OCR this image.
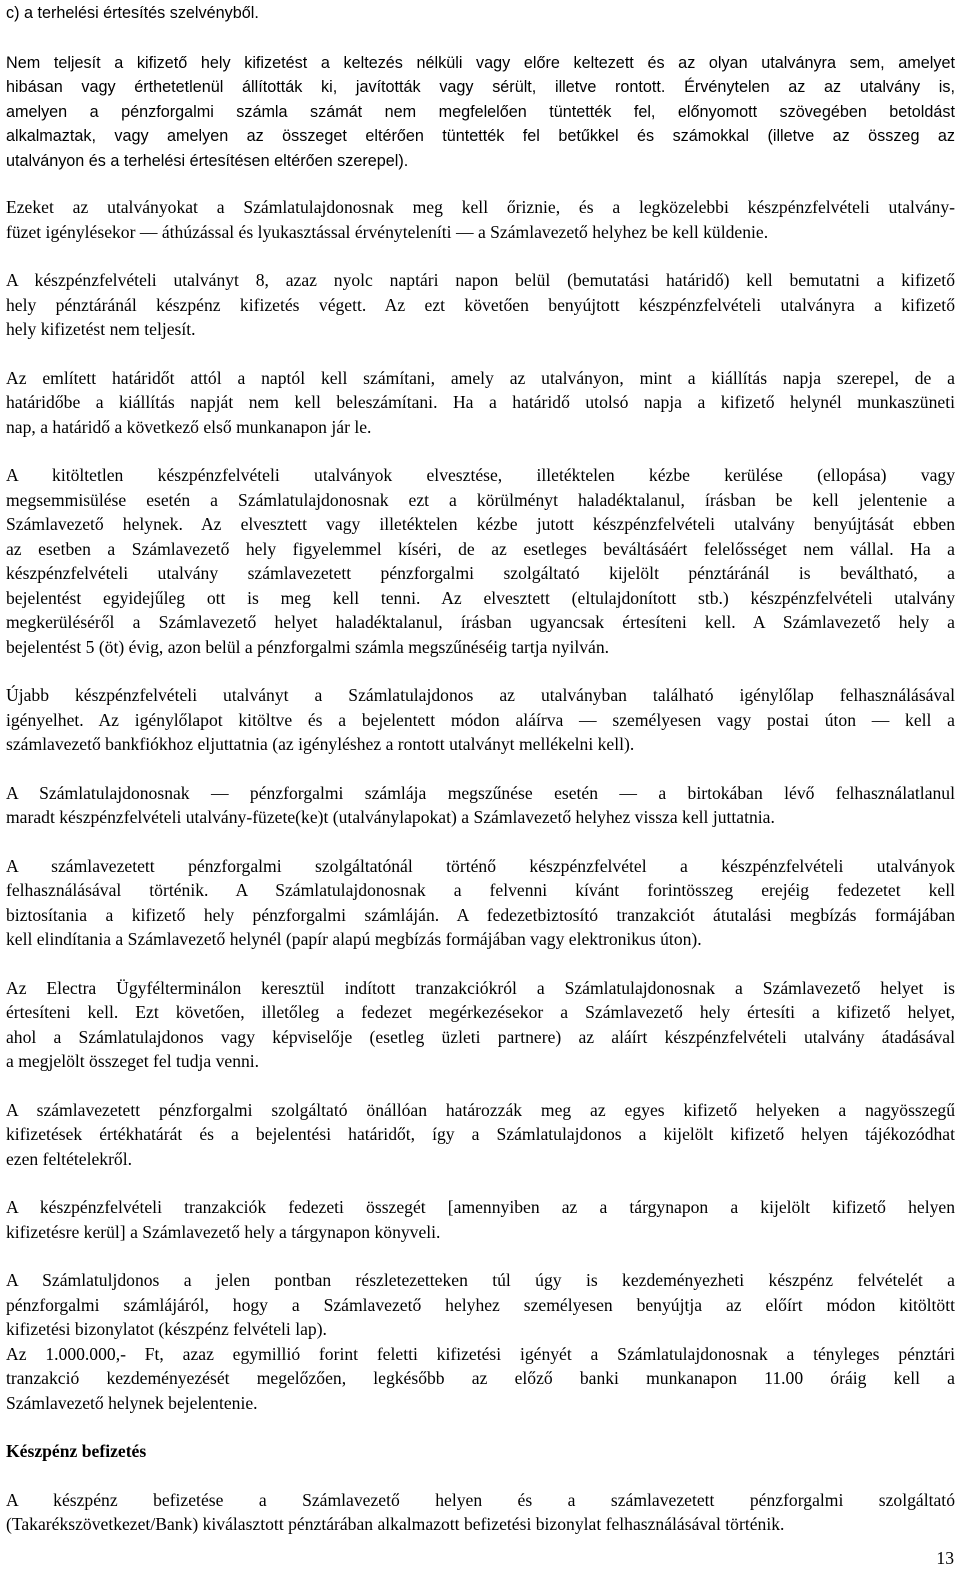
c) a terhelési értesítés szelvényből.
Nem teljesít a kifizető hely kifizetést a keltezés nélküli vagy előre keltezett és az olyan utalványra sem, amelyet
hibásan vagy érthetetlenül állították ki, javították vagy sérült, illetve rontott. Érvénytelen az az utalvány is,
amelyen a pénzforgalmi számla számát nem megfelelően tüntették fel, előnyomott szövegében betoldást
alkalmaztak, vagy amelyen az összeget eltérően tüntették fel betűkkel és számokkal (illetve az összeg az
utalványon és a terhelési értesítésen eltérően szerepel).
Ezeket az utalványokat a Számlatulajdonosnak meg kell őriznie, és a legközelebbi készpénzfelvételi utalvány-
füzet igénylésekor — áthúzással és lyukasztással érvényteleníti — a Számlavezető helyhez be kell küldenie.
A készpénzfelvételi utalványt 8, azaz nyolc naptári napon belül (bemutatási határidő) kell bemutatni a kifizető
hely pénztáránál készpénz kifizetés végett. Az ezt követően benyújtott készpénzfelvételi utalványra a kifizető
hely kifizetést nem teljesít.
Az említett határidőt attól a naptól kell számítani, amely az utalványon, mint a kiállítás napja szerepel, de a
határidőbe a kiállítás napját nem kell beleszámítani. Ha a határidő utolsó napja a kifizető helynél munkaszüneti
nap, a határidő a következő első munkanapon jár le.
A kitöltetlen készpénzfelvételi utalványok elvesztése, illetéktelen kézbe kerülése (ellopása) vagy
megsemmisülése esetén a Számlatulajdonosnak ezt a körülményt haladéktalanul, írásban be kell jelentenie a
Számlavezető helynek. Az elvesztett vagy illetéktelen kézbe jutott készpénzfelvételi utalvány benyújtását ebben
az esetben a Számlavezető hely figyelemmel kíséri, de az esetleges beváltásáért felelősséget nem vállal. Ha a
készpénzfelvételi utalvány számlavezetett pénzforgalmi szolgáltató kijelölt pénztáránál is beváltható, a
bejelentést egyidejűleg ott is meg kell tenni. Az elvesztett (eltulajdonított stb.) készpénzfelvételi utalvány
megkerüléséről a Számlavezető helyet haladéktalanul, írásban ugyancsak értesíteni kell. A Számlavezető hely a
bejelentést 5 (öt) évig, azon belül a pénzforgalmi számla megszűnéséig tartja nyilván.
Újabb készpénzfelvételi utalványt a Számlatulajdonos az utalványban található igénylőlap felhasználásával
igényelhet. Az igénylőlapot kitöltve és a bejelentett módon aláírva — személyesen vagy postai úton — kell a
számlavezető bankfiókhoz eljuttatnia (az igényléshez a rontott utalványt mellékelni kell).
A Számlatulajdonosnak — pénzforgalmi számlája megszűnése esetén — a birtokában lévő felhasználatlanul
maradt készpénzfelvételi utalvány-füzete(ke)t (utalványlapokat) a Számlavezető helyhez vissza kell juttatnia.
A számlavezetett pénzforgalmi szolgáltatónál történő készpénzfelvétel a készpénzfelvételi utalványok
felhasználásával történik. A Számlatulajdonosnak a felvenni kívánt forintösszeg erejéig fedezetet kell
biztosítania a kifizető hely pénzforgalmi számláján. A fedezetbiztosító tranzakciót átutalási megbízás formájában
kell elindítania a Számlavezető helynél (papír alapú megbízás formájában vagy elektronikus úton).
Az Electra Ügyfélterminálon keresztül indított tranzakciókról a Számlatulajdonosnak a Számlavezető helyet is
értesíteni kell. Ezt követően, illetőleg a fedezet megérkezésekor a Számlavezető hely értesíti a kifizető helyet,
ahol a Számlatulajdonos vagy képviselője (esetleg üzleti partnere) az aláírt készpénzfelvételi utalvány átadásával
a megjelölt összeget fel tudja venni.
A számlavezetett pénzforgalmi szolgáltató önállóan határozzák meg az egyes kifizető helyeken a nagyösszegű
kifizetések értékhatárát és a bejelentési határidőt, így a Számlatulajdonos a kijelölt kifizető helyen tájékozódhat
ezen feltételekről.
A készpénzfelvételi tranzakciók fedezeti összegét [amennyiben az a tárgynapon a kijelölt kifizető helyen
kifizetésre kerül] a Számlavezető hely a tárgynapon könyveli.
A Számlatuljdonos a jelen pontban részletezetteken túl úgy is kezdeményezheti készpénz felvételét a
pénzforgalmi számlájáról, hogy a Számlavezető helyhez személyesen benyújtja az előírt módon kitöltött
kifizetési bizonylatot (készpénz felvételi lap).
Az 1.000.000,- Ft, azaz egymillió forint feletti kifizetési igényét a Számlatulajdonosnak a tényleges pénztári
tranzakció kezdeményezését megelőzően, legkésőbb az előző banki munkanapon 11.00 óráig kell a
Számlavezető helynek bejelentenie.
Készpénz befizetés
A készpénz befizetése a Számlavezető helyen és a számlavezetett pénzforgalmi szolgáltató
(Takarékszövetkezet/Bank) kiválasztott pénztárában alkalmazott befizetési bizonylat felhasználásával történik.
13
